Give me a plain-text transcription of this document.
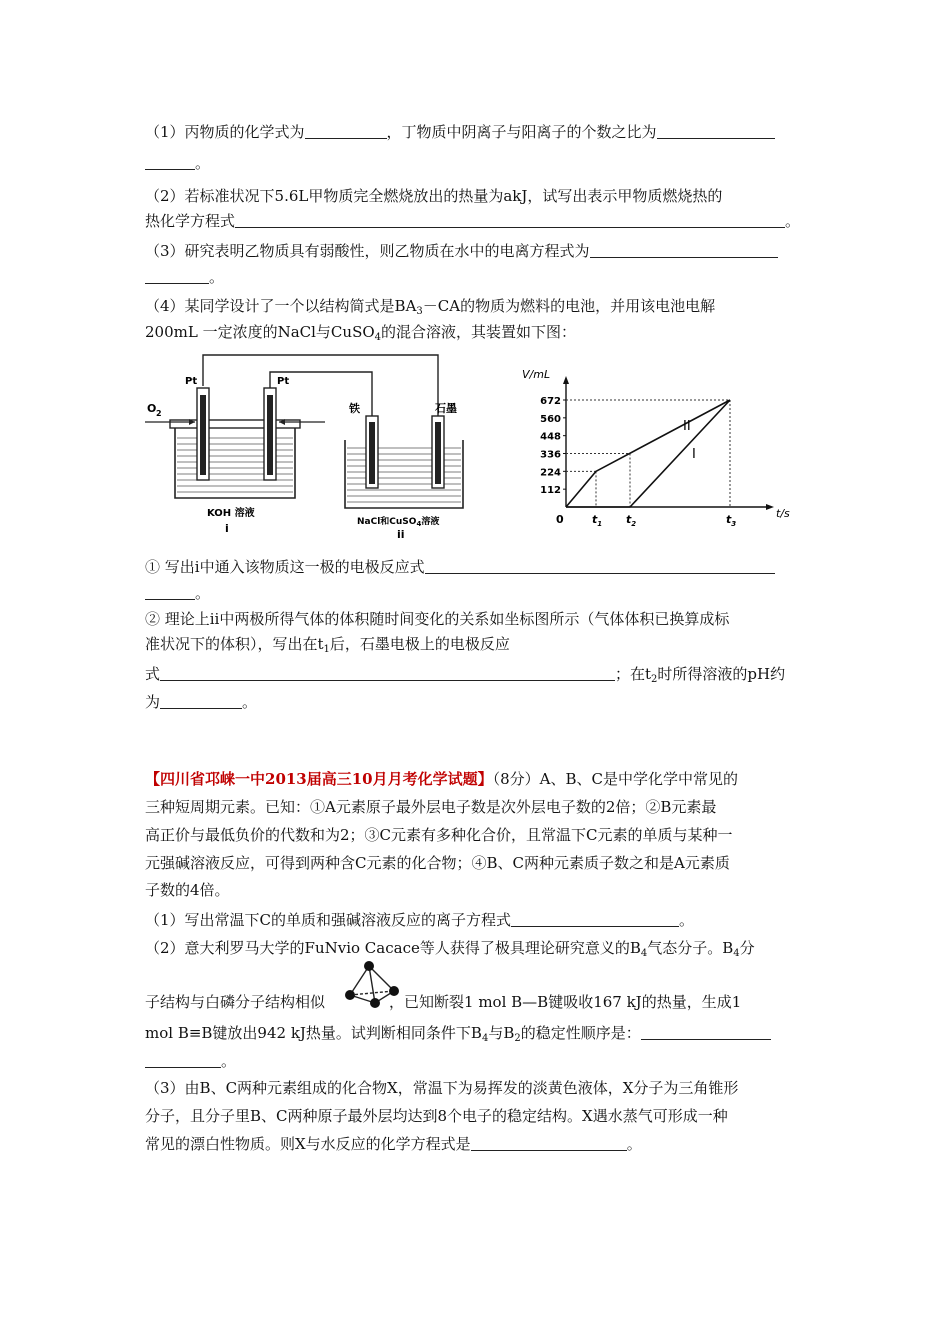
（1）丙物质的化学式为	，丁物质中阴离子与阳离子的个数之比为
。
（2）若标准状况下5.6L甲物质完全燃烧放出的热量为akJ，试写出表示甲物质燃烧热的
热化学方程式	。
（3）研究表明乙物质具有弱酸性，则乙物质在水中的电离方程式为
。
（4）某同学设计了一个以结构简式是$BA_3-CA$的物质为燃料的电池，并用该电池电解
200mL 一定浓度的NaCl与CuSO$_4$的混合溶液，其装置如下图：
Pt	Pt
O 2
KOH 溶液
i
铁	石墨
NaCl和CuSO$_4$溶液
ii
V/mL
t/s
0
112
224
336
448
560
672
$t_1$ $t_2$	$t_3$
II
I
① 写出ⅰ中通入该物质这一极的电极反应式
。
② 理论上ⅱ中两极所得气体的体积随时间变化的关系如坐标图所示（气体体积已换算成标
准状况下的体积），写出在$t_1$后，石墨电极上的电极反应
式	；在$t_2$时所得溶液的pH约
为	。
【四川省邛崃一中2013届高三10月月考化学试题】（8分）A、B、C是中学化学中常见的
三种短周期元素。已知：①A元素原子最外层电子数是次外层电子数的2倍；②B元素最
高正价与最低负价的代数和为2；③C元素有多种化合价，且常温下C元素的单质与某种一
元强碱溶液反应，可得到两种含C元素的化合物；④B、C两种元素质子数之和是A元素质
子数的4倍。
（1）写出常温下C的单质和强碱溶液反应的离子方程式	。
（2）意大利罗马大学的FuNvio Cacace等人获得了极具理论研究意义的$B_4$气态分子。$B_4$分
子结构与白磷分子结构相似	，已知断裂1 mol B—B键吸收167 kJ的热量，生成1
mol B≡B键放出942 kJ热量。试判断相同条件下$B_4$与$B_2$的稳定性顺序是：
。
（3）由B、C两种元素组成的化合物X，常温下为易挥发的淡黄色液体，X分子为三角锥形
分子，且分子里B、C两种原子最外层均达到8个电子的稳定结构。X遇水蒸气可形成一种
常见的漂白性物质。则X与水反应的化学方程式是	。
